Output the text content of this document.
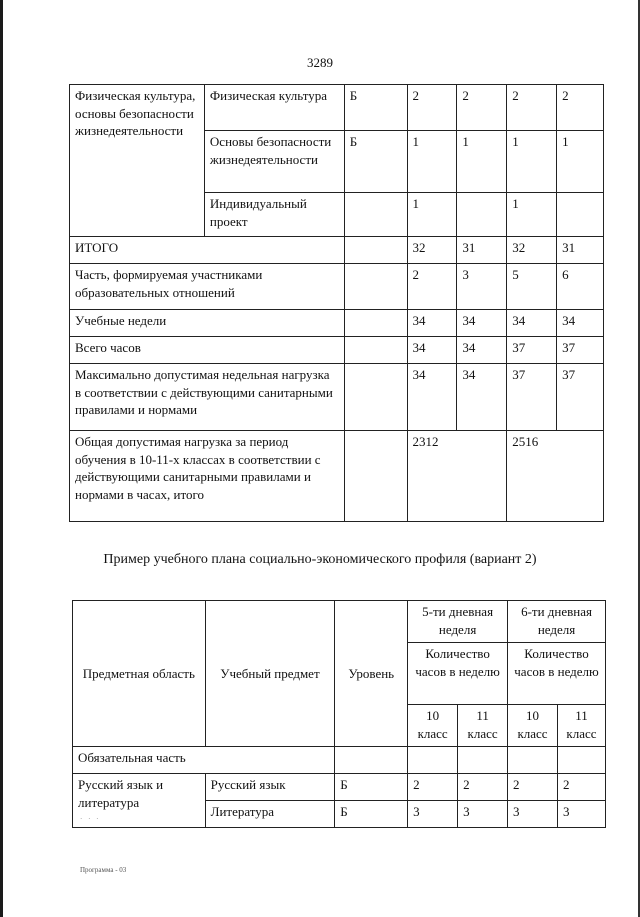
3289
Физическая культура, основы безопасности жизнедеятельности	Физическая культура	Б	2	2	2	2
	Основы безопасности жизнедеятельности	Б	1	1	1	1
	Индивидуальный проект		1		1	
ИТОГО			32	31	32	31
Часть, формируемая участниками образовательных отношений			2	3	5	6
Учебные недели			34	34	34	34
Всего часов			34	34	37	37
Максимально допустимая недельная нагрузка в соответствии с действующими санитарными правилами и нормами			34	34	37	37
Общая допустимая нагрузка за период обучения в 10-11-х классах в соответствии с действующими санитарными правилами и нормами в часах, итого			2312		2516	
Пример учебного плана социально-экономического профиля (вариант 2)
Предметная область	Учебный предмет	Уровень	5-ти дневная неделя		6-ти дневная неделя	
			Количество часов в неделю		Количество часов в неделю	
			10 класс	11 класс	10 класс	11 класс
Обязательная часть						
Русский язык и литература	Русский язык	Б	2	2	2	2
	Литература	Б	3	3	3	3
· · ·
Программа - 03
